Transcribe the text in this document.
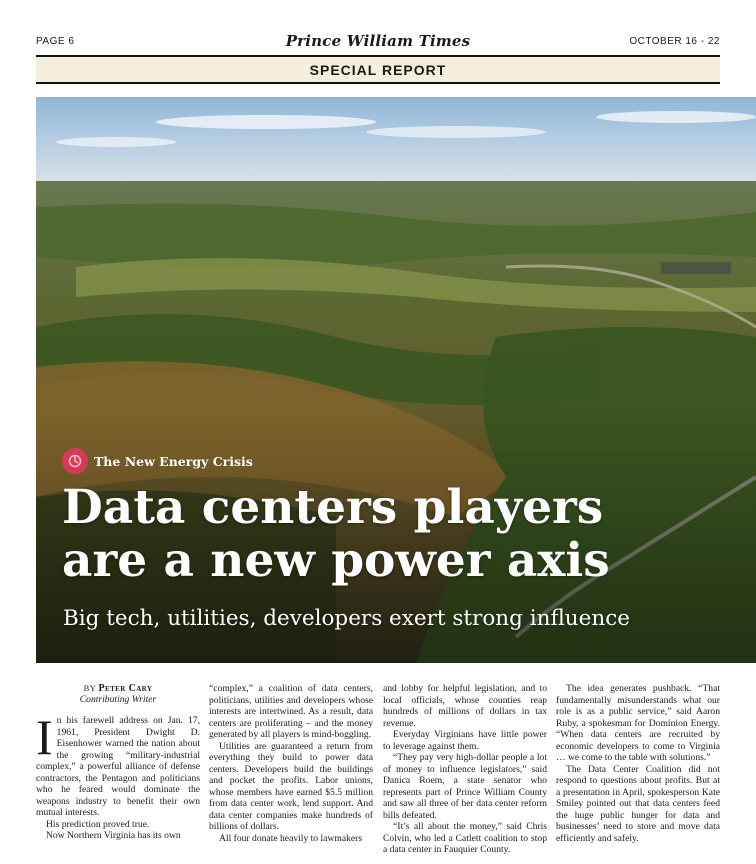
PAGE 6	Prince William Times	OCTOBER 16 - 22
SPECIAL REPORT
The New Energy Crisis
Data centers players
are a new power axis
Big tech, utilities, developers exert strong influence
BY Peter Cary
Contributing Writer

In his farewell address on Jan. 17, 1961, President Dwight D. Eisenhower warned the nation about the growing “military-industrial complex,” a powerful alliance of defense contractors, the Pentagon and politicians who he feared would dominate the weapons industry to benefit their own mutual interests.

His prediction proved true.

Now Northern Virginia has its own

“complex,” a coalition of data centers, politicians, utilities and developers whose interests are intertwined. As a result, data centers are proliferating – and the money generated by all players is mind-boggling.

Utilities are guaranteed a return from everything they build to power data centers. Developers build the buildings and pocket the profits. Labor unions, whose members have earned $5.5 million from data center work, lend support. And data center companies make hundreds of billions of dollars.

All four donate heavily to lawmakers

and lobby for helpful legislation, and to local officials, whose counties reap hundreds of millions of dollars in tax revenue.

Everyday Virginians have little power to leverage against them.

“They pay very high-dollar people a lot of money to influence legislators,” said Danica Roem, a state senator who represents part of Prince William County and saw all three of her data center reform bills defeated.

“It’s all about the money,” said Chris Colvin, who led a Catlett coalition to stop a data center in Fauquier County.

The idea generates pushback. “That fundamentally misunderstands what our role is as a public service,” said Aaron Ruby, a spokesman for Dominion Energy. “When data centers are recruited by economic developers to come to Virginia … we come to the table with solutions.”

The Data Center Coalition did not respond to questions about profits. But at a presentation in April, spokesperson Kate Smiley pointed out that data centers feed the huge public hunger for data and businesses’ need to store and move data efficiently and safely.
